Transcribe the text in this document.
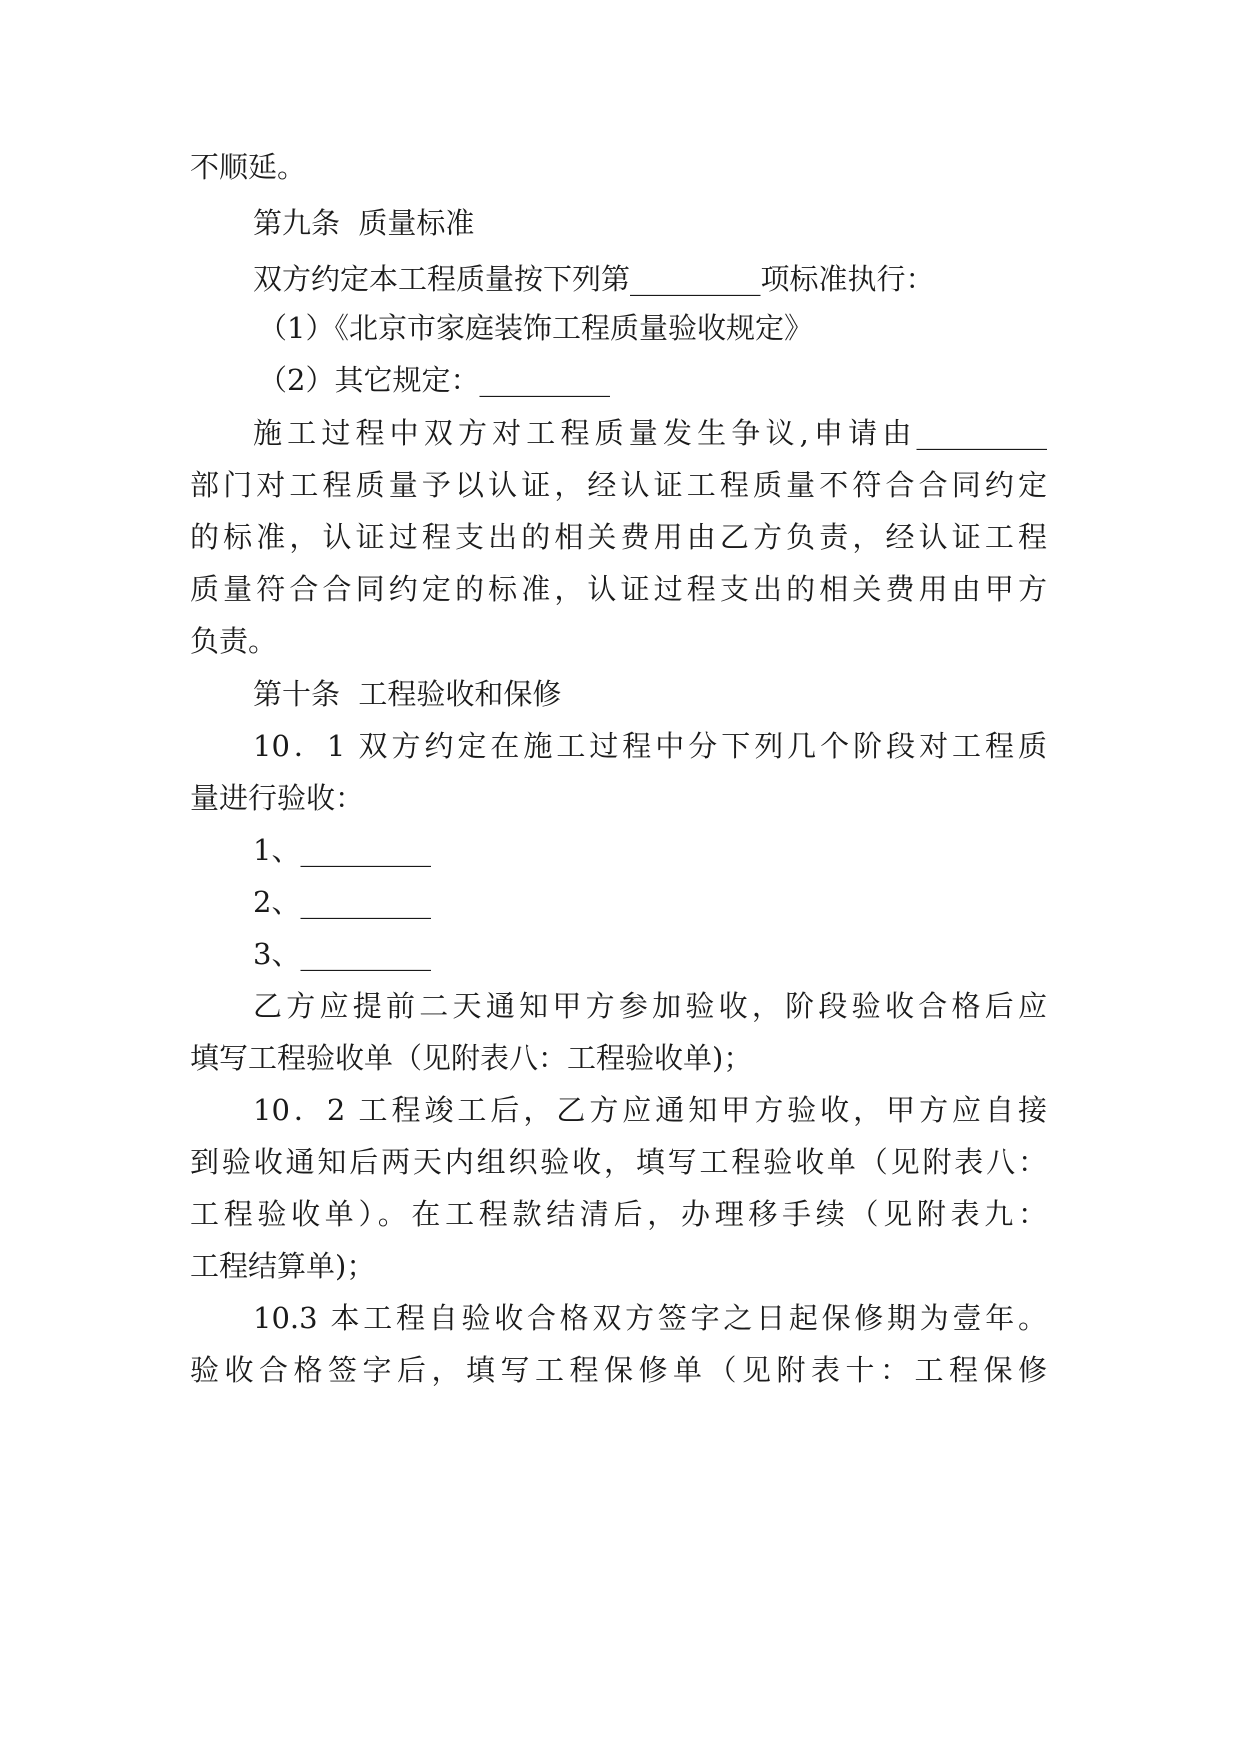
不顺延。
第九条  质量标准
双方约定本工程质量按下列第_________项标准执行：
（1）《北京市家庭装饰工程质量验收规定》
（2）其它规定：_________
施工过程中双方对工程质量发生争议,申请由_________
部门对工程质量予以认证，经认证工程质量不符合合同约定
的标准，认证过程支出的相关费用由乙方负责，经认证工程
质量符合合同约定的标准，认证过程支出的相关费用由甲方
负责。
第十条  工程验收和保修
10．1 双方约定在施工过程中分下列几个阶段对工程质
量进行验收：
1、_________
2、_________
3、_________
乙方应提前二天通知甲方参加验收，阶段验收合格后应
填写工程验收单（见附表八：工程验收单)；
10．2 工程竣工后，乙方应通知甲方验收，甲方应自接
到验收通知后两天内组织验收，填写工程验收单（见附表八：
工程验收单）。在工程款结清后，办理移手续（见附表九：
工程结算单)；
10.3 本工程自验收合格双方签字之日起保修期为壹年。
验收合格签字后，填写工程保修单（见附表十：工程保修
